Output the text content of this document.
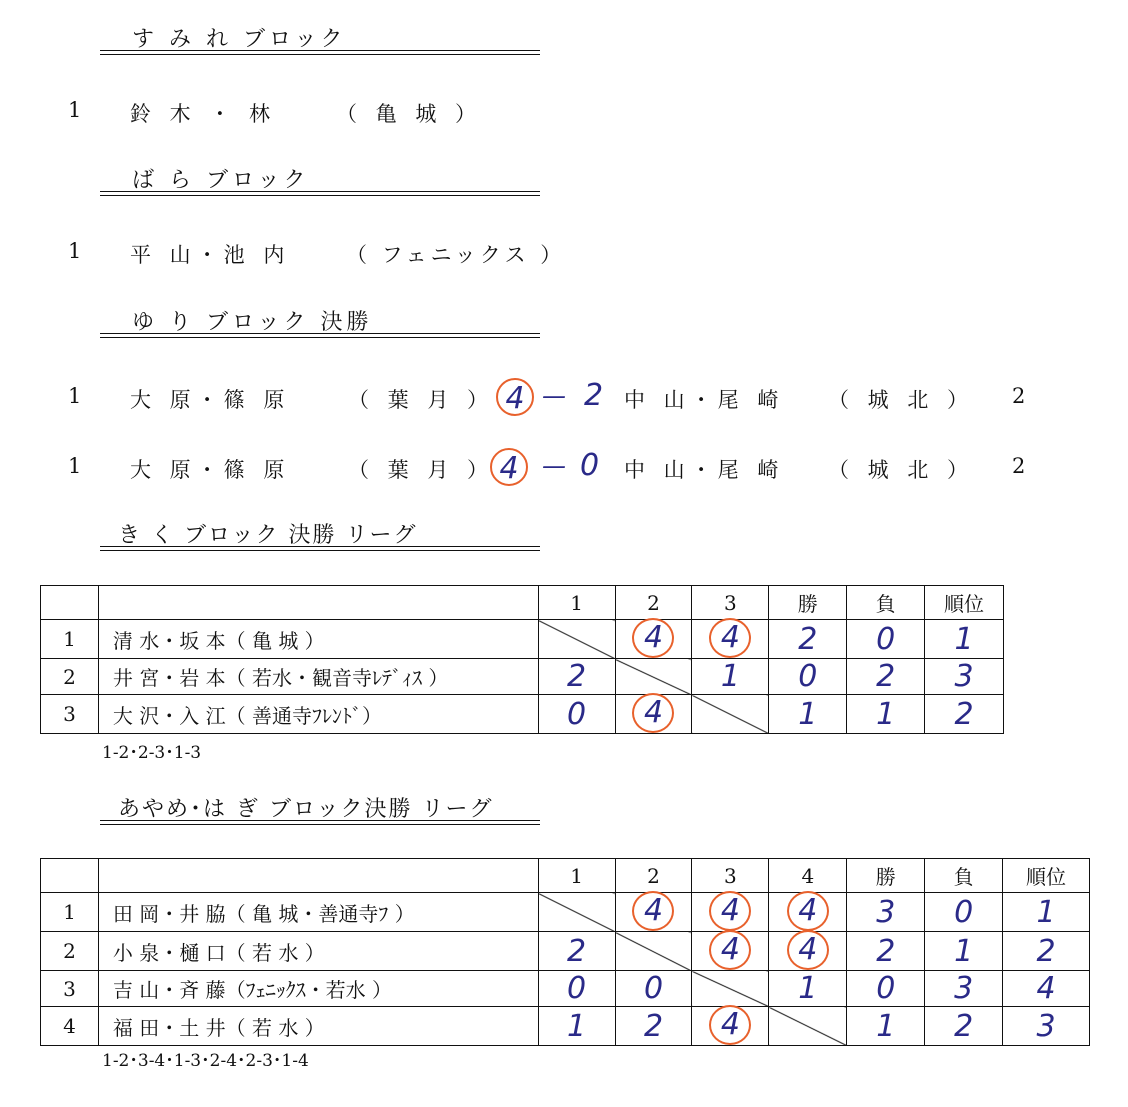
す み れ ブロック
1 鈴 木 ・ 林	（ 亀 城 ）
ば ら ブロック
1 平 山・池 内	（ フェニックス ）
ゆ り ブロック 決勝
1 大 原・篠 原	（ 葉 月 ） 4 — 2 中 山・尾 崎 （ 城 北 ） 2
1 大 原・篠 原	（ 葉 月 ） 4 — 0 中 山・尾 崎 （ 城 北 ） 2
き く ブロック 決勝 リーグ
		1	2	3	勝	負	順位
1	清 水・坂 本（ 亀 城 ）		4	4	2	0	1
2	井 宮・岩 本（ 若水・観音寺ﾚﾃﾞｨｽ ）	2		1	0	2	3
3	大 沢・入 江（ 善通寺ﾌﾚﾝﾄﾞ）	0	4		1	1	2
1-2･2-3･1-3
あやめ･は ぎ ブロック決勝 リーグ
		1	2	3	4	勝	負	順位
1	田 岡・井 脇（ 亀 城・善通寺ﾌ ）		4	4	4	3	0	1
2	小 泉・樋 口（ 若 水 ）	2		4	4	2	1	2
3	吉 山・斉 藤（ﾌｪﾆｯｸｽ・若水 ）	0	0		1	0	3	4
4	福 田・土 井（ 若 水 ）	1	2	4		1	2	3
1-2･3-4･1-3･2-4･2-3･1-4
